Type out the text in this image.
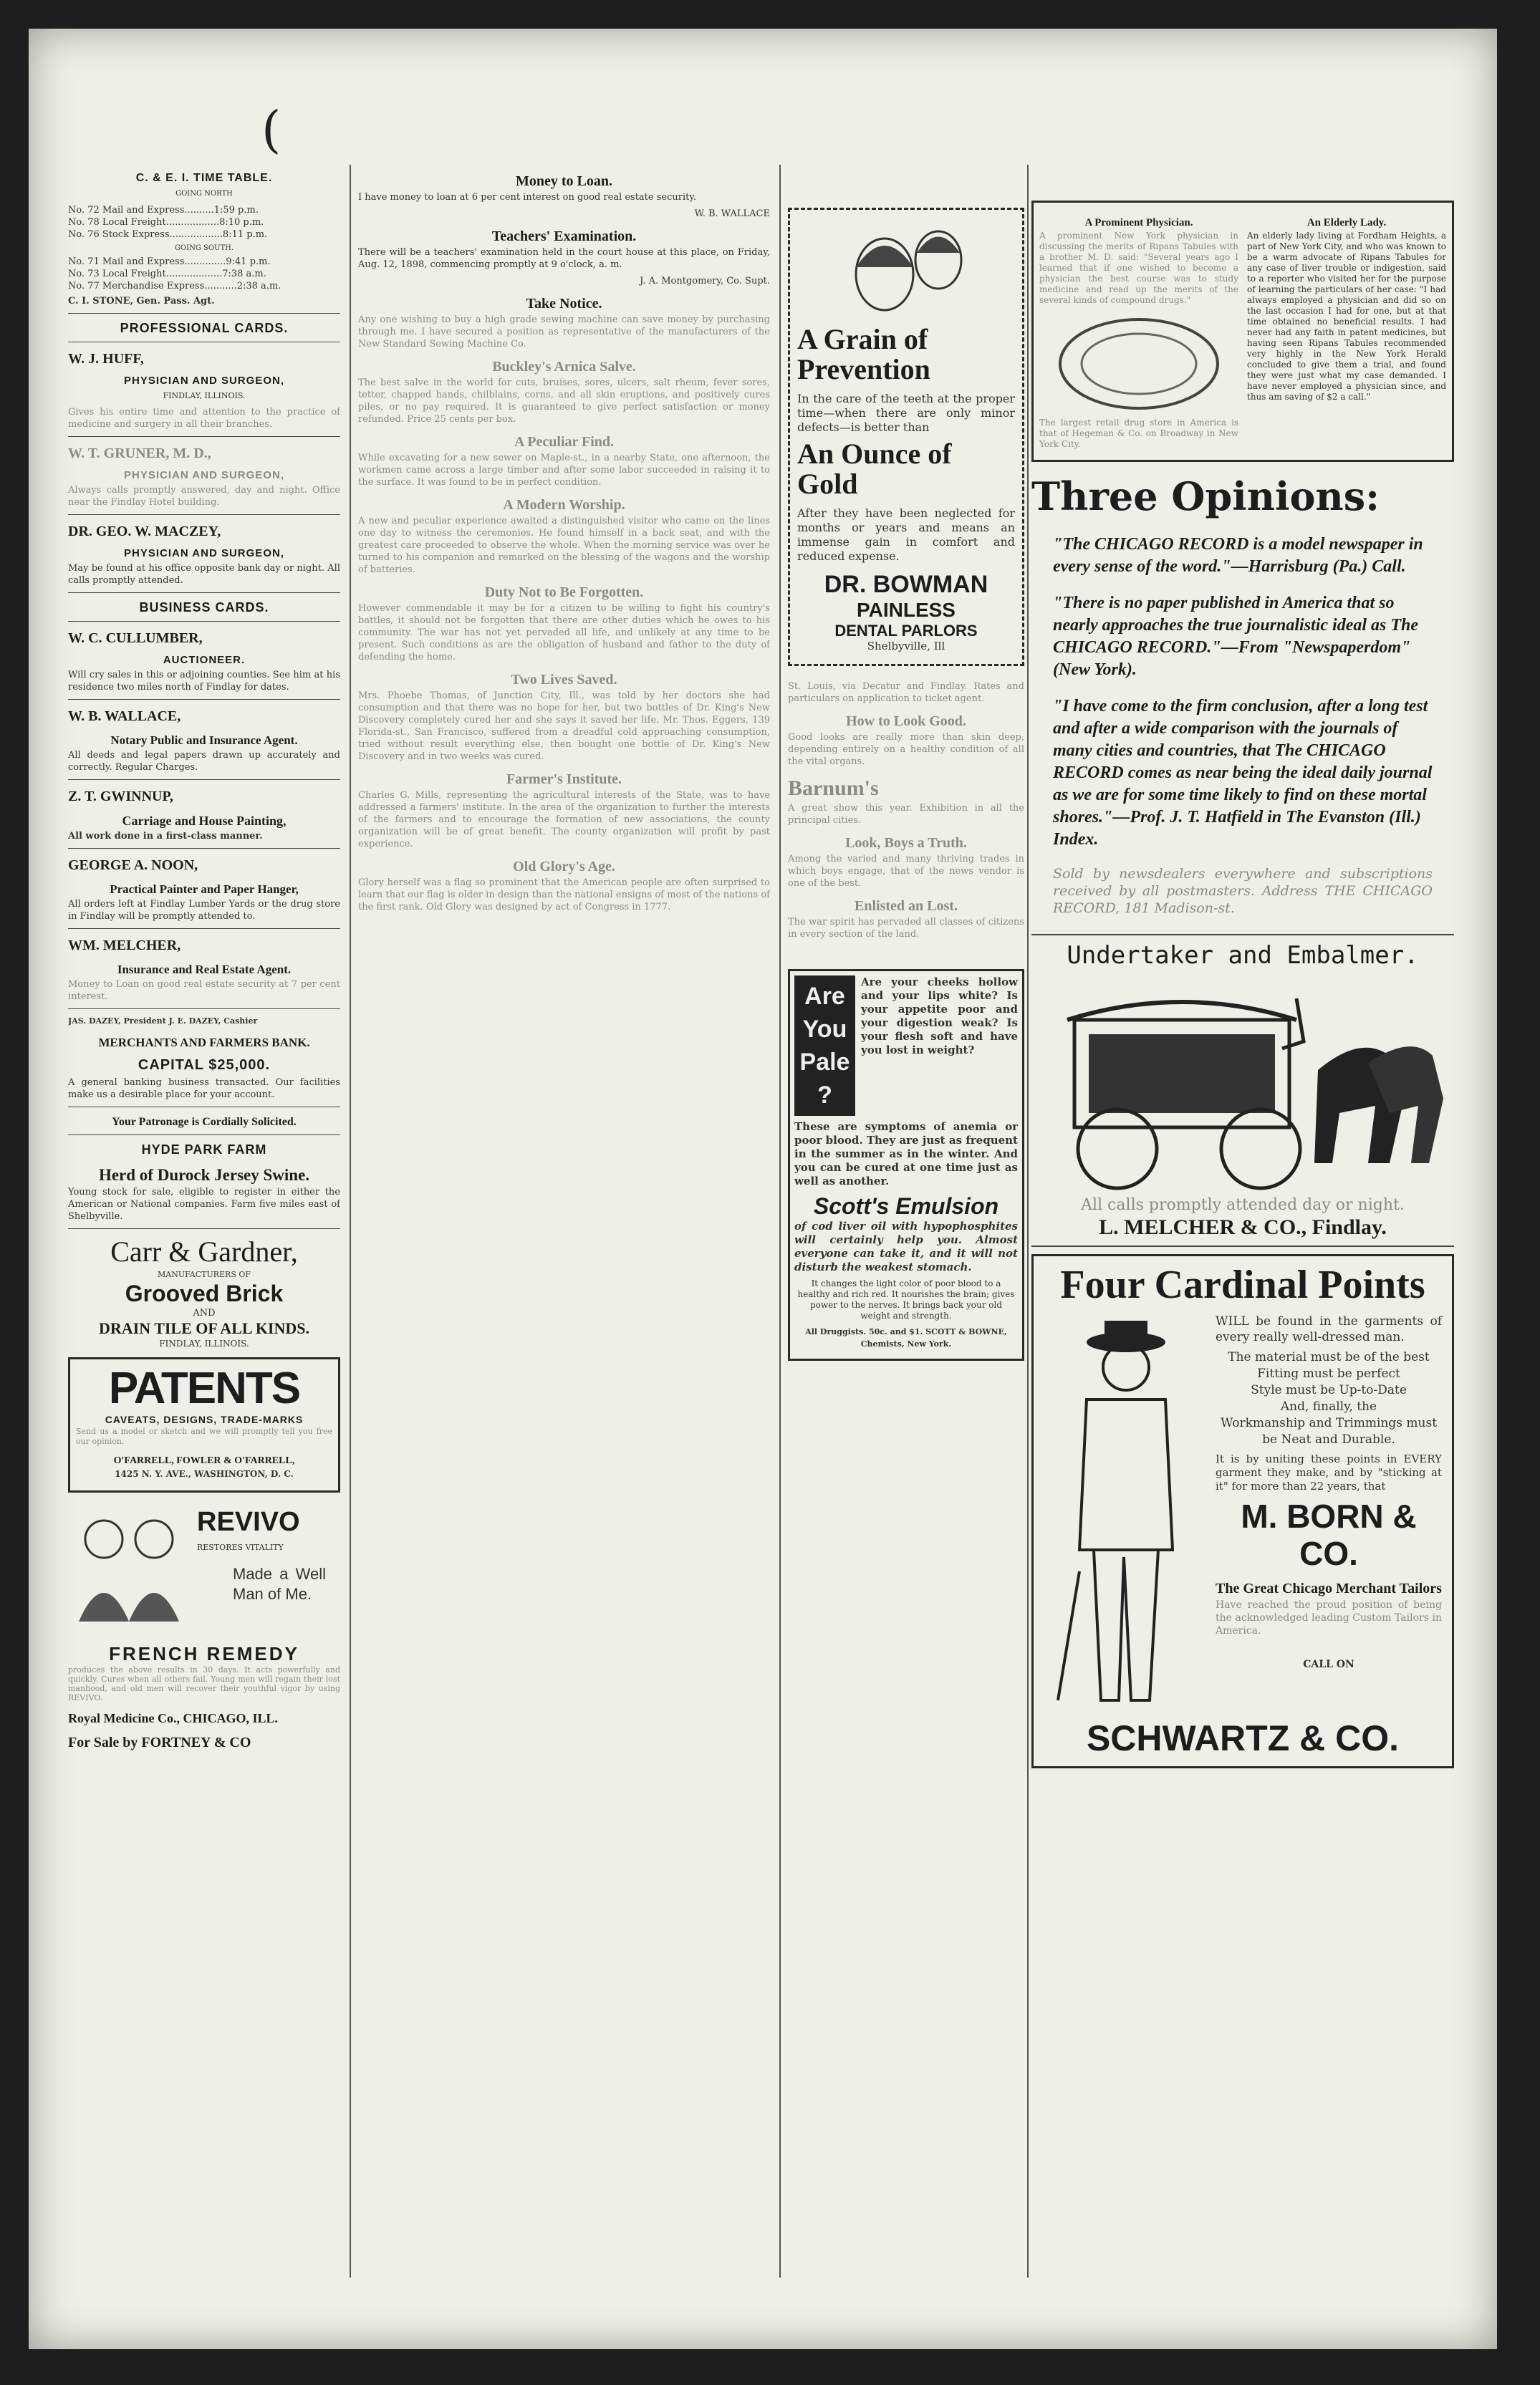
(
C. & E. I. TIME TABLE.
GOING NORTH
No. 72 Mail and Express..........1:59 p.m.
No. 78 Local Freight..................8:10 p.m.
No. 76 Stock Express..................8:11 p.m.
GOING SOUTH.
No. 71 Mail and Express..............9:41 p.m.
No. 73 Local Freight...................7:38 a.m.
No. 77 Merchandise Express...........2:38 a.m.
C. I. STONE, Gen. Pass. Agt.
PROFESSIONAL CARDS.
W. J. HUFF,
PHYSICIAN AND SURGEON,
FINDLAY, ILLINOIS.
Gives his entire time and attention to the practice of medicine and surgery in all their branches.
W. T. GRUNER, M. D.,
PHYSICIAN AND SURGEON,
Always calls promptly answered, day and night. Office near the Findlay Hotel building.
DR. GEO. W. MACZEY,
PHYSICIAN AND SURGEON,
May be found at his office opposite bank day or night. All calls promptly attended.
BUSINESS CARDS.
W. C. CULLUMBER,
AUCTIONEER.
Will cry sales in this or adjoining counties. See him at his residence two miles north of Findlay for dates.
W. B. WALLACE,
Notary Public and Insurance Agent.
All deeds and legal papers drawn up accurately and correctly. Regular Charges.
Z. T. GWINNUP,
Carriage and House Painting,
All work done in a first-class manner.
GEORGE A. NOON,
Practical Painter and Paper Hanger,
All orders left at Findlay Lumber Yards or the drug store in Findlay will be promptly attended to.
WM. MELCHER,
Insurance and Real Estate Agent.
Money to Loan on good real estate security at 7 per cent interest.
JAS. DAZEY, President J. E. DAZEY, Cashier
MERCHANTS AND FARMERS BANK.
CAPITAL $25,000.
A general banking business transacted. Our facilities make us a desirable place for your account.
Your Patronage is Cordially Solicited.
HYDE PARK FARM
Herd of Durock Jersey Swine.
Young stock for sale, eligible to register in either the American or National companies. Farm five miles east of Shelbyville.
Carr & Gardner,
MANUFACTURERS OF
Grooved Brick
AND
DRAIN TILE OF ALL KINDS.
FINDLAY, ILLINOIS.
PATENTS
CAVEATS, DESIGNS, TRADE-MARKS
Send us a model or sketch and we will promptly tell you free our opinion.
O'FARRELL, FOWLER & O'FARRELL,
1425 N. Y. AVE., WASHINGTON, D. C.
REVIVO
RESTORES VITALITY
Made a Well Man of Me.
FRENCH REMEDY
produces the above results in 30 days. It acts powerfully and quickly. Cures when all others fail. Young men will regain their lost manhood, and old men will recover their youthful vigor by using REVIVO.
Royal Medicine Co., CHICAGO, ILL.
For Sale by FORTNEY & CO
Money to Loan.
I have money to loan at 6 per cent interest on good real estate security.
W. B. WALLACE
Teachers' Examination.
There will be a teachers' examination held in the court house at this place, on Friday, Aug. 12, 1898, commencing promptly at 9 o'clock, a. m.
J. A. Montgomery, Co. Supt.
Take Notice.
Any one wishing to buy a high grade sewing machine can save money by purchasing through me. I have secured a position as representative of the manufacturers of the New Standard Sewing Machine Co.
Buckley's Arnica Salve.
The best salve in the world for cuts, bruises, sores, ulcers, salt rheum, fever sores, tetter, chapped hands, chilblains, corns, and all skin eruptions, and positively cures piles, or no pay required. It is guaranteed to give perfect satisfaction or money refunded. Price 25 cents per box.
A Peculiar Find.
While excavating for a new sewer on Maple-st., in a nearby State, one afternoon, the workmen came across a large timber and after some labor succeeded in raising it to the surface. It was found to be in perfect condition.
A Modern Worship.
A new and peculiar experience awaited a distinguished visitor who came on the lines one day to witness the ceremonies. He found himself in a back seat, and with the greatest care proceeded to observe the whole. When the morning service was over he turned to his companion and remarked on the blessing of the wagons and the worship of batteries.
Duty Not to Be Forgotten.
However commendable it may be for a citizen to be willing to fight his country's battles, it should not be forgotten that there are other duties which he owes to his community. The war has not yet pervaded all life, and unlikely at any time to be present. Such conditions as are the obligation of husband and father to the duty of defending the home.
Two Lives Saved.
Mrs. Phoebe Thomas, of Junction City, Ill., was told by her doctors she had consumption and that there was no hope for her, but two bottles of Dr. King's New Discovery completely cured her and she says it saved her life. Mr. Thos. Eggers, 139 Florida-st., San Francisco, suffered from a dreadful cold approaching consumption, tried without result everything else, then bought one bottle of Dr. King's New Discovery and in two weeks was cured.
Farmer's Institute.
Charles G. Mills, representing the agricultural interests of the State, was to have addressed a farmers' institute. In the area of the organization to further the interests of the farmers and to encourage the formation of new associations, the county organization will be of great benefit. The county organization will profit by past experience.
Old Glory's Age.
Glory herself was a flag so prominent that the American people are often surprised to learn that our flag is older in design than the national ensigns of most of the nations of the first rank. Old Glory was designed by act of Congress in 1777.
A Grain of Prevention
In the care of the teeth at the proper time—when there are only minor defects—is better than
An Ounce of Gold
After they have been neglected for months or years and means an immense gain in comfort and reduced expense.
DR. BOWMAN
PAINLESS
DENTAL PARLORS
Shelbyville, Ill
St. Louis, via Decatur and Findlay. Rates and particulars on application to ticket agent.
How to Look Good.
Good looks are really more than skin deep, depending entirely on a healthy condition of all the vital organs.
Barnum's
A great show this year. Exhibition in all the principal cities.
Look, Boys a Truth.
Among the varied and many thriving trades in which boys engage, that of the news vendor is one of the best.
Enlisted an Lost.
The war spirit has pervaded all classes of citizens in every section of the land.
Are You Pale ?
Are your cheeks hollow and your lips white? Is your appetite poor and your digestion weak? Is your flesh soft and have you lost in weight?
These are symptoms of anemia or poor blood. They are just as frequent in the summer as in the winter. And you can be cured at one time just as well as another.
Scott's Emulsion
of cod liver oil with hypophosphites will certainly help you. Almost everyone can take it, and it will not disturb the weakest stomach.
It changes the light color of poor blood to a healthy and rich red. It nourishes the brain; gives power to the nerves. It brings back your old weight and strength.
All Druggists. 50c. and $1. SCOTT & BOWNE, Chemists, New York.
A Prominent Physician.
A prominent New York physician in discussing the merits of Ripans Tabules with a brother M. D. said: "Several years ago I learned that if one wished to become a physician the best course was to study medicine and read up the merits of the several kinds of compound drugs."
The largest retail drug store in America is that of Hegeman & Co. on Broadway in New York City.
An Elderly Lady.
An elderly lady living at Fordham Heights, a part of New York City, and who was known to be a warm advocate of Ripans Tabules for any case of liver trouble or indigestion, said to a reporter who visited her for the purpose of learning the particulars of her case: "I had always employed a physician and did so on the last occasion I had for one, but at that time obtained no beneficial results. I had never had any faith in patent medicines, but having seen Ripans Tabules recommended very highly in the New York Herald concluded to give them a trial, and found they were just what my case demanded. I have never employed a physician since, and thus am saving of $2 a call."
Three Opinions:
"The CHICAGO RECORD is a model newspaper in every sense of the word."—Harrisburg (Pa.) Call.
"There is no paper published in America that so nearly approaches the true journalistic ideal as The CHICAGO RECORD."—From "Newspaperdom" (New York).
"I have come to the firm conclusion, after a long test and after a wide comparison with the journals of many cities and countries, that The CHICAGO RECORD comes as near being the ideal daily journal as we are for some time likely to find on these mortal shores."—Prof. J. T. Hatfield in The Evanston (Ill.) Index.
Sold by newsdealers everywhere and subscriptions received by all postmasters. Address THE CHICAGO RECORD, 181 Madison-st.
Undertaker and Embalmer.
All calls promptly attended day or night.
L. MELCHER & CO., Findlay.
Four Cardinal Points
WILL be found in the garments of every really well-dressed man.
The material must be of the best
Fitting must be perfect
Style must be Up-to-Date
And, finally, the
Workmanship and Trimmings must be Neat and Durable.
It is by uniting these points in EVERY garment they make, and by "sticking at it" for more than 22 years, that
M. BORN & CO.
The Great Chicago Merchant Tailors
Have reached the proud position of being the acknowledged leading Custom Tailors in America.
CALL ON
SCHWARTZ & CO.
